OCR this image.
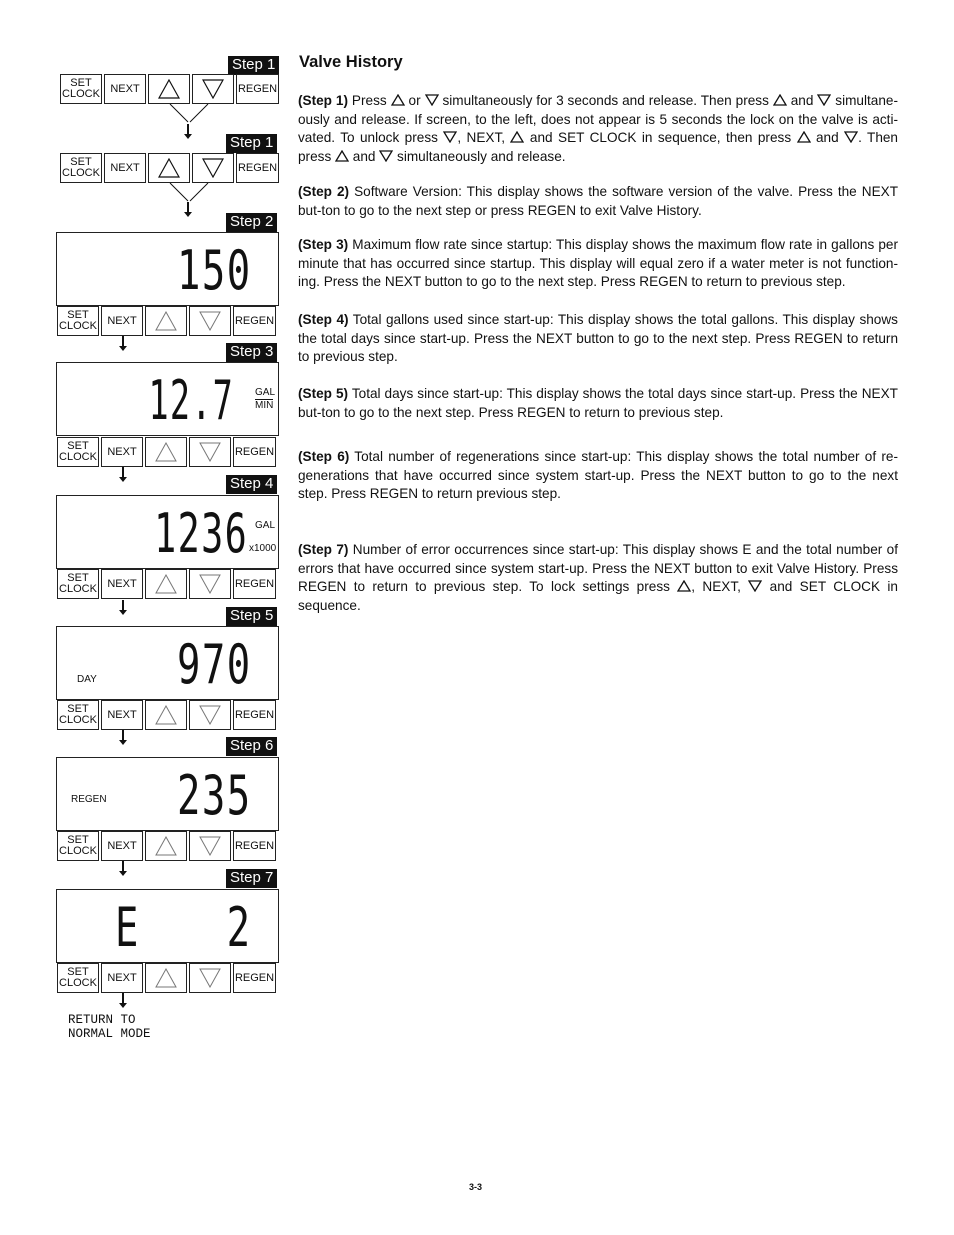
Step 1
SET
CLOCK NEXT	REGEN
Step 1
SET
CLOCK NEXT	REGEN
Step 2
150
SET
CLOCK NEXT	REGEN
Step 3
12.7 GAL
MIN
SET
CLOCK NEXT	REGEN
Step 4
1236 GAL
x1000
SET
CLOCK NEXT	REGEN
Step 5
970
DAY
SET
CLOCK NEXT	REGEN
Step 6
235
REGEN
SET
CLOCK NEXT	REGEN
Step 7
E 2
SET
CLOCK NEXT	REGEN
RETURN TO
NORMAL MODE
Valve History
(Step 1) Press  or  simultaneously for 3 seconds and release. Then press  and  simultane-ously and release. If screen, to the left, does not appear is 5 seconds the lock on the valve is acti-vated. To unlock press , NEXT,  and SET CLOCK in sequence, then press  and . Then press  and  simultaneously and release.
(Step 2) Software Version: This display shows the software version of the valve. Press the NEXT but-ton to go to the next step or press REGEN to exit Valve History.
(Step 3) Maximum flow rate since startup: This display shows the maximum flow rate in gallons per minute that has occurred since startup. This display will equal zero if a water meter is not function-ing. Press the NEXT button to go to the next step. Press REGEN to return to previous step.
(Step 4) Total gallons used since start-up: This display shows the total gallons. This display shows the total days since start-up. Press the NEXT button to go to the next step. Press REGEN to return to previous step.
(Step 5) Total days since start-up: This display shows the total days since start-up. Press the NEXT but-ton to go to the next step. Press REGEN to return to previous step.
(Step 6) Total number of regenerations since start-up: This display shows the total number of re-generations that have occurred since system start-up. Press the NEXT button to go to the next step. Press REGEN to return previous step.
(Step 7) Number of error occurrences since start-up: This display shows E and the total number of errors that have occurred since system start-up. Press the NEXT button to exit Valve History. Press REGEN to return to previous step. To lock settings press , NEXT,  and SET CLOCK in sequence.
3-3
